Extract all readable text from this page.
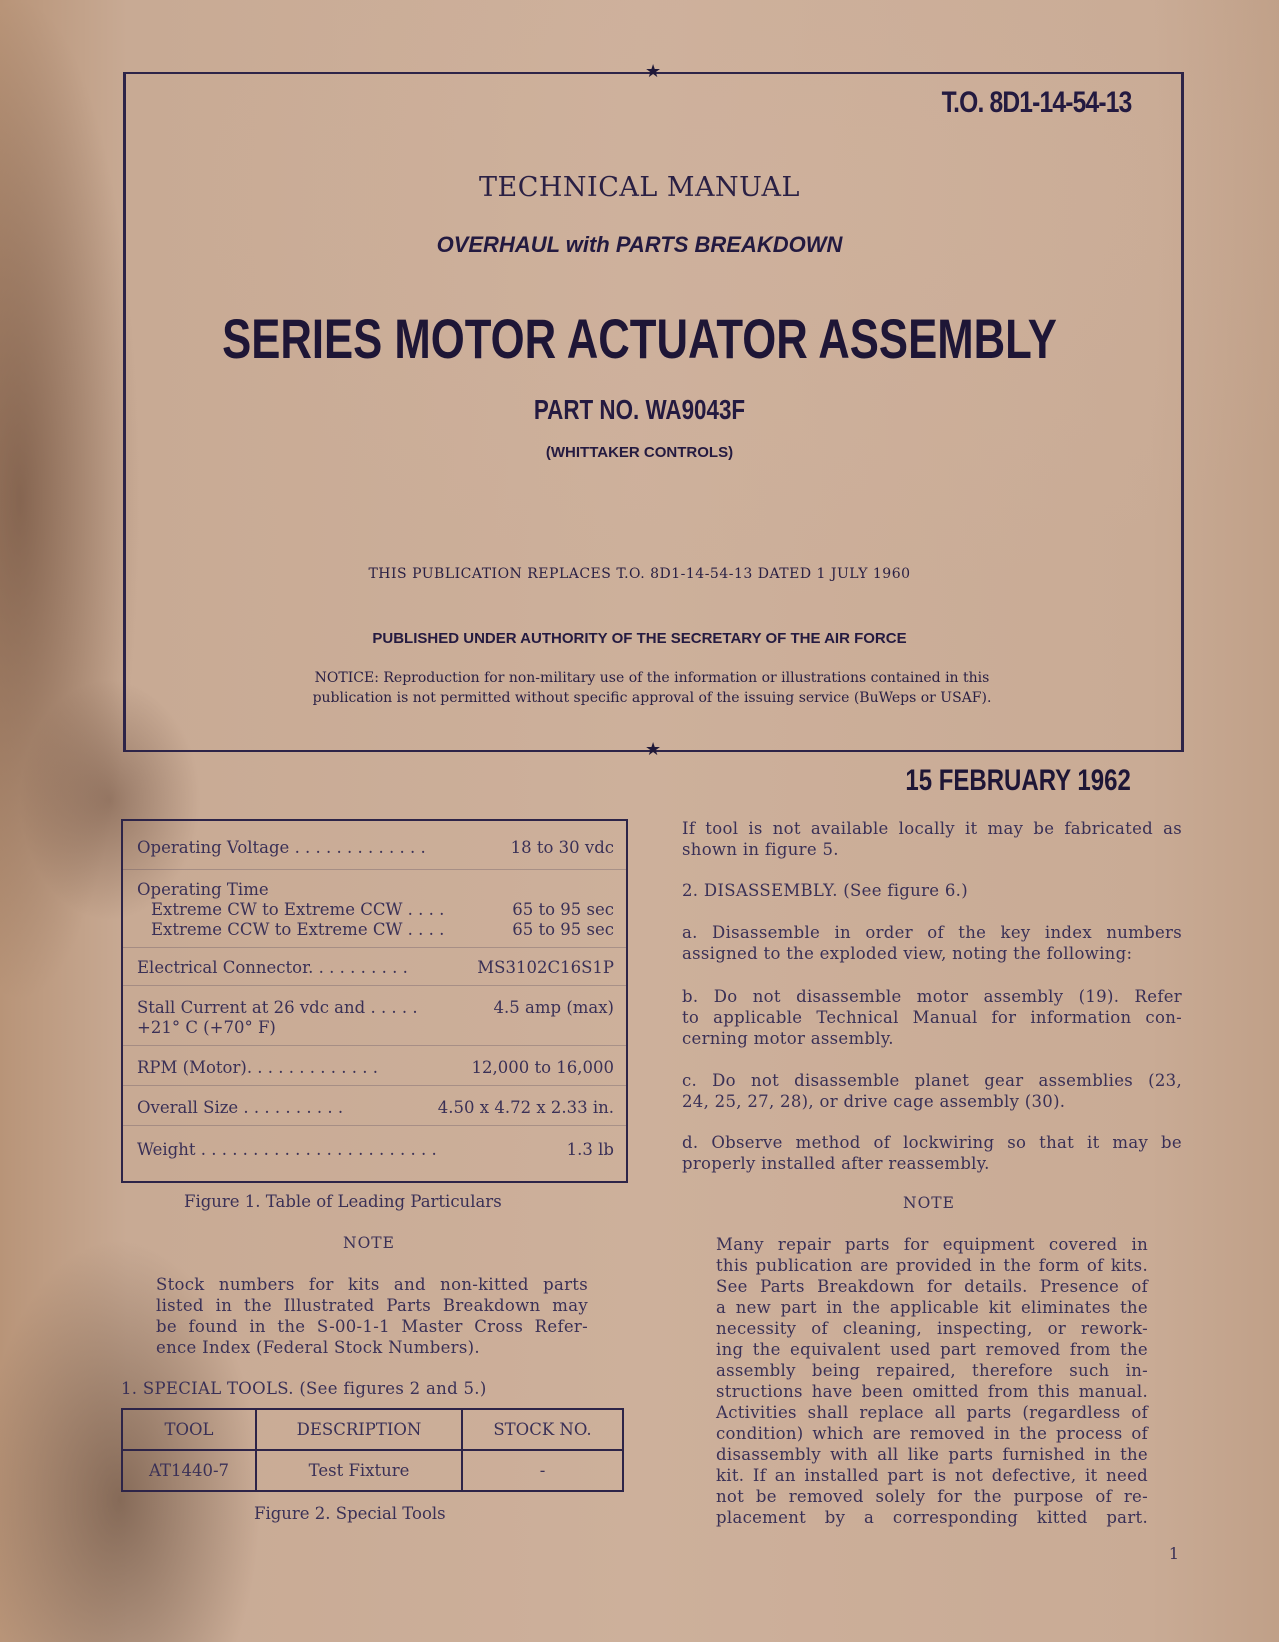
★
★
T.O. 8D1-14-54-13
TECHNICAL MANUAL
OVERHAUL with PARTS BREAKDOWN
SERIES MOTOR ACTUATOR ASSEMBLY
PART NO. WA9043F
(WHITTAKER CONTROLS)
THIS PUBLICATION REPLACES T.O. 8D1-14-54-13 DATED 1 JULY 1960
PUBLISHED UNDER AUTHORITY OF THE SECRETARY OF THE AIR FORCE
NOTICE: Reproduction for non-military use of the information or illustrations contained in this
publication is not permitted without specific approval of the issuing service (BuWeps or USAF).
15 FEBRUARY 1962
Operating Voltage . . . . . . . . . . . . .	18 to 30 vdc
Operating Time
Extreme CW to Extreme CCW . . . .	65 to 95 sec
Extreme CCW to Extreme CW . . . .	65 to 95 sec
Electrical Connector. . . . . . . . . .	MS3102C16S1P
Stall Current at 26 vdc and . . . . .	4.5 amp (max)
+21° C (+70° F)
RPM (Motor). . . . . . . . . . . . .	12,000 to 16,000
Overall Size . . . . . . . . . .	4.50 x 4.72 x 2.33 in.
Weight . . . . . . . . . . . . . . . . . . . . . . .	1.3 lb
Figure 1. Table of Leading Particulars
NOTE
Stock numbers for kits and non-kitted parts
listed in the Illustrated Parts Breakdown may
be found in the S-00-1-1 Master Cross Refer-
ence Index (Federal Stock Numbers).
1. SPECIAL TOOLS. (See figures 2 and 5.)
TOOL	DESCRIPTION	STOCK NO.
AT1440-7	Test Fixture	-
Figure 2. Special Tools
If tool is not available locally it may be fabricated as
shown in figure 5.
2. DISASSEMBLY. (See figure 6.)
a. Disassemble in order of the key index numbers
assigned to the exploded view, noting the following:
b. Do not disassemble motor assembly (19). Refer
to applicable Technical Manual for information con-
cerning motor assembly.
c. Do not disassemble planet gear assemblies (23,
24, 25, 27, 28), or drive cage assembly (30).
d. Observe method of lockwiring so that it may be
properly installed after reassembly.
NOTE
Many repair parts for equipment covered in
this publication are provided in the form of kits.
See Parts Breakdown for details. Presence of
a new part in the applicable kit eliminates the
necessity of cleaning, inspecting, or rework-
ing the equivalent used part removed from the
assembly being repaired, therefore such in-
structions have been omitted from this manual.
Activities shall replace all parts (regardless of
condition) which are removed in the process of
disassembly with all like parts furnished in the
kit. If an installed part is not defective, it need
not be removed solely for the purpose of re-
placement by a corresponding kitted part.
1
